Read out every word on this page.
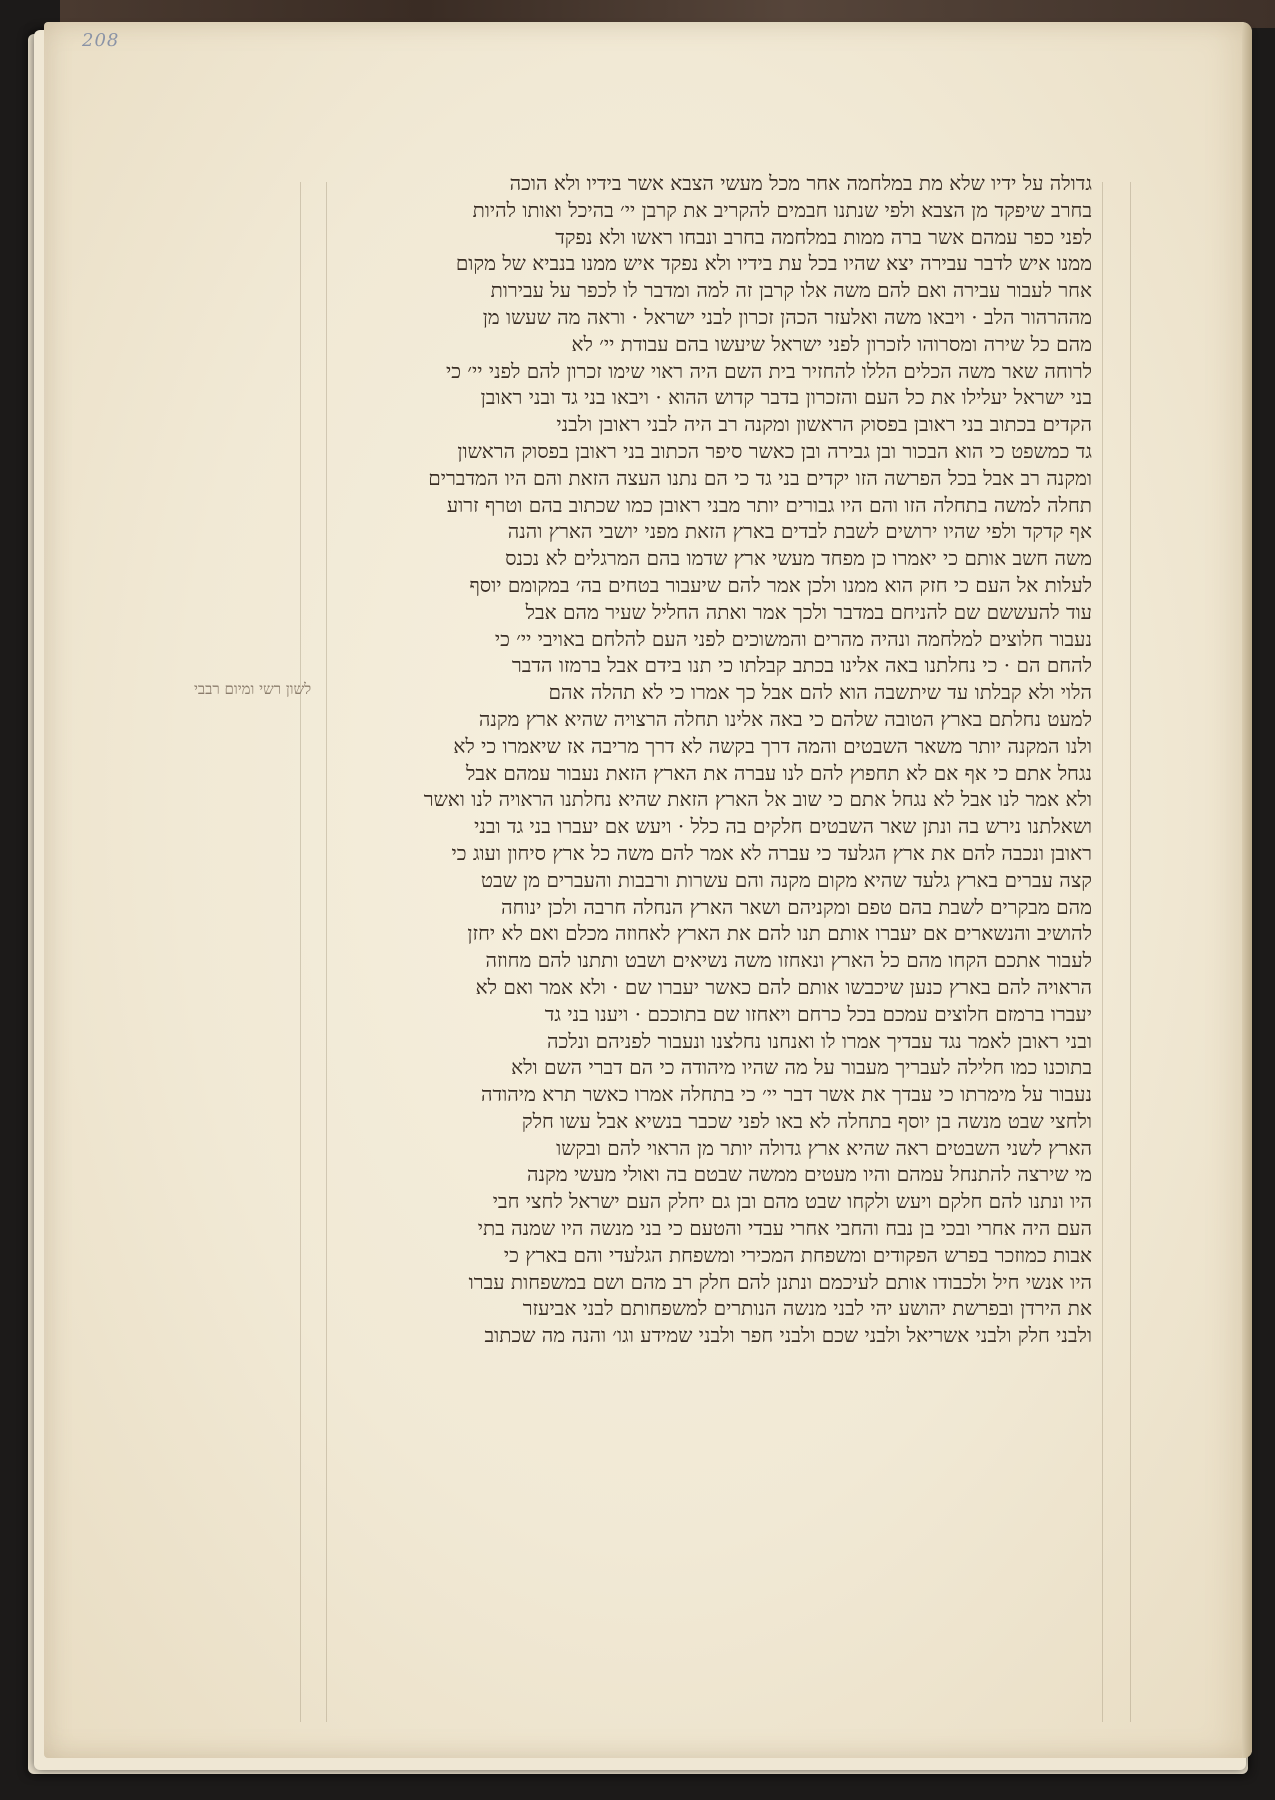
208
לשון רשי ומיום רבבי
גדולה על ידיו שלא מת במלחמה אחר מכל מעשי הצבא אשר בידיו ולא הוכה
בחרב שיפקד מן הצבא ולפי שנתנו חבמים להקריב את קרבן יי׳ בהיכל ואותו להיות
לפני כפר עמהם אשר ברה ממות במלחמה בחרב ונבחו ראשו ולא נפקד
ממנו איש לדבר עבירה יצא שהיו בכל עת בידיו ולא נפקד איש ממנו בנביא של מקום
אחר לעבור עבירה ואם להם משה אלו קרבן זה למה ומדבר לו לכפר על עבירות
מההרהור הלב · ויבאו משה ואלעזר הכהן זכרון לבני ישראל · וראה מה שעשו מן
מהם כל שירה ומסרוהו לזכרון לפני ישראל שיעשו בהם עבודת יי׳ לא
לרוחה שאר משה הכלים הללו להחזיר בית השם היה ראוי שימו זכרון להם לפני יי׳ כי
בני ישראל יעלילו את כל העם והזכרון בדבר קדוש ההוא · ויבאו בני גד ובני ראובן
הקדים בכתוב בני ראובן בפסוק הראשון ומקנה רב היה לבני ראובן ולבני
גד כמשפט כי הוא הבכור ובן גבירה ובן כאשר סיפר הכתוב בני ראובן בפסוק הראשון
ומקנה רב אבל בכל הפרשה הזו יקדים בני גד כי הם נתנו העצה הזאת והם היו המדברים
תחלה למשה בתחלה הזו והם היו גבורים יותר מבני ראובן כמו שכתוב בהם וטרף זרוע
אף קדקד ולפי שהיו ירושים לשבת לבדים בארץ הזאת מפני יושבי הארץ והנה
משה חשב אותם כי יאמרו כן מפחד מעשי ארץ שדמו בהם המרגלים לא נכנס
לעלות אל העם כי חזק הוא ממנו ולכן אמר להם שיעבור בטחים בה׳ במקומם יוסף
עוד להעששם שם להניחם במדבר ולכך אמר ואתה החליל שעיר מהם אבל
נעבור חלוצים למלחמה ונהיה מהרים והמשוכים לפני העם להלחם באויבי יי׳ כי
להחם הם · כי נחלתנו באה אלינו בכתב קבלתו כי תנו בידם אבל ברמזו הדבר
הלוי ולא קבלתו עד שיתשבה הוא להם אבל כך אמרו כי לא תהלה אהם
למעט נחלתם בארץ הטובה שלהם כי באה אלינו תחלה הרצויה שהיא ארץ מקנה
ולנו המקנה יותר משאר השבטים והמה דרך בקשה לא דרך מריבה אז שיאמרו כי לא
נגחל אתם כי אף אם לא תחפוץ להם לנו עברה את הארץ הזאת נעבור עמהם אבל
ולא אמר לנו אבל לא נגחל אתם כי שוב אל הארץ הזאת שהיא נחלתנו הראויה לנו ואשר
ושאלתנו נירש בה ונתן שאר השבטים חלקים בה כלל · ויעש אם יעברו בני גד ובני
ראובן ונכבה להם את ארץ הגלעד כי עברה לא אמר להם משה כל ארץ סיחון ועוג כי
קצה עברים בארץ גלעד שהיא מקום מקנה והם עשרות ורבבות והעברים מן שבט
מהם מבקרים לשבת בהם טפם ומקניהם ושאר הארץ הנחלה חרבה ולכן ינוחה
להושיב והנשארים אם יעברו אותם תנו להם את הארץ לאחוזה מכלם ואם לא יחזן
לעבור אתכם הקחו מהם כל הארץ ונאחזו משה נשיאים ושבט ותתנו להם מחוזה
הראויה להם בארץ כנען שיכבשו אותם להם כאשר יעברו שם · ולא אמר ואם לא
יעברו ברמזם חלוצים עמכם בכל כרחם ויאחזו שם בתוככם · ויענו בני גד
ובני ראובן לאמר נגד עבדיך אמרו לו ואנחנו נחלצנו ונעבור לפניהם ונלכה
בתוכנו כמו חלילה לעבריך מעבור על מה שהיו מיהודה כי הם דברי השם ולא
נעבור על מימרתו כי עבדך את אשר דבר יי׳ כי בתחלה אמרו כאשר תרא מיהודה
ולחצי שבט מנשה בן יוסף בתחלה לא באו לפני שכבר בנשיא אבל עשו חלק
הארץ לשני השבטים ראה שהיא ארץ גדולה יותר מן הראוי להם ובקשו
מי שירצה להתנחל עמהם והיו מעטים ממשה שבטם בה ואולי מעשי מקנה
היו ונתנו להם חלקם ויעש ולקחו שבט מהם ובן גם יחלק העם ישראל לחצי חבי
העם היה אחרי ובכי בן נבח והחבי אחרי עבדי והטעם כי בני מנשה היו שמנה בתי
אבות כמוזכר בפרש הפקודים ומשפחת המכירי ומשפחת הגלעדי והם בארץ כי
היו אנשי חיל ולכבודו אותם לעיכמם ונתנן להם חלק רב מהם ושם במשפחות עברו
את הירדן ובפרשת יהושע יהי לבני מנשה הנותרים למשפחותם לבני אביעזר
ולבני חלק ולבני אשריאל ולבני שכם ולבני חפר ולבני שמידע וגו׳ והנה מה שכתוב
